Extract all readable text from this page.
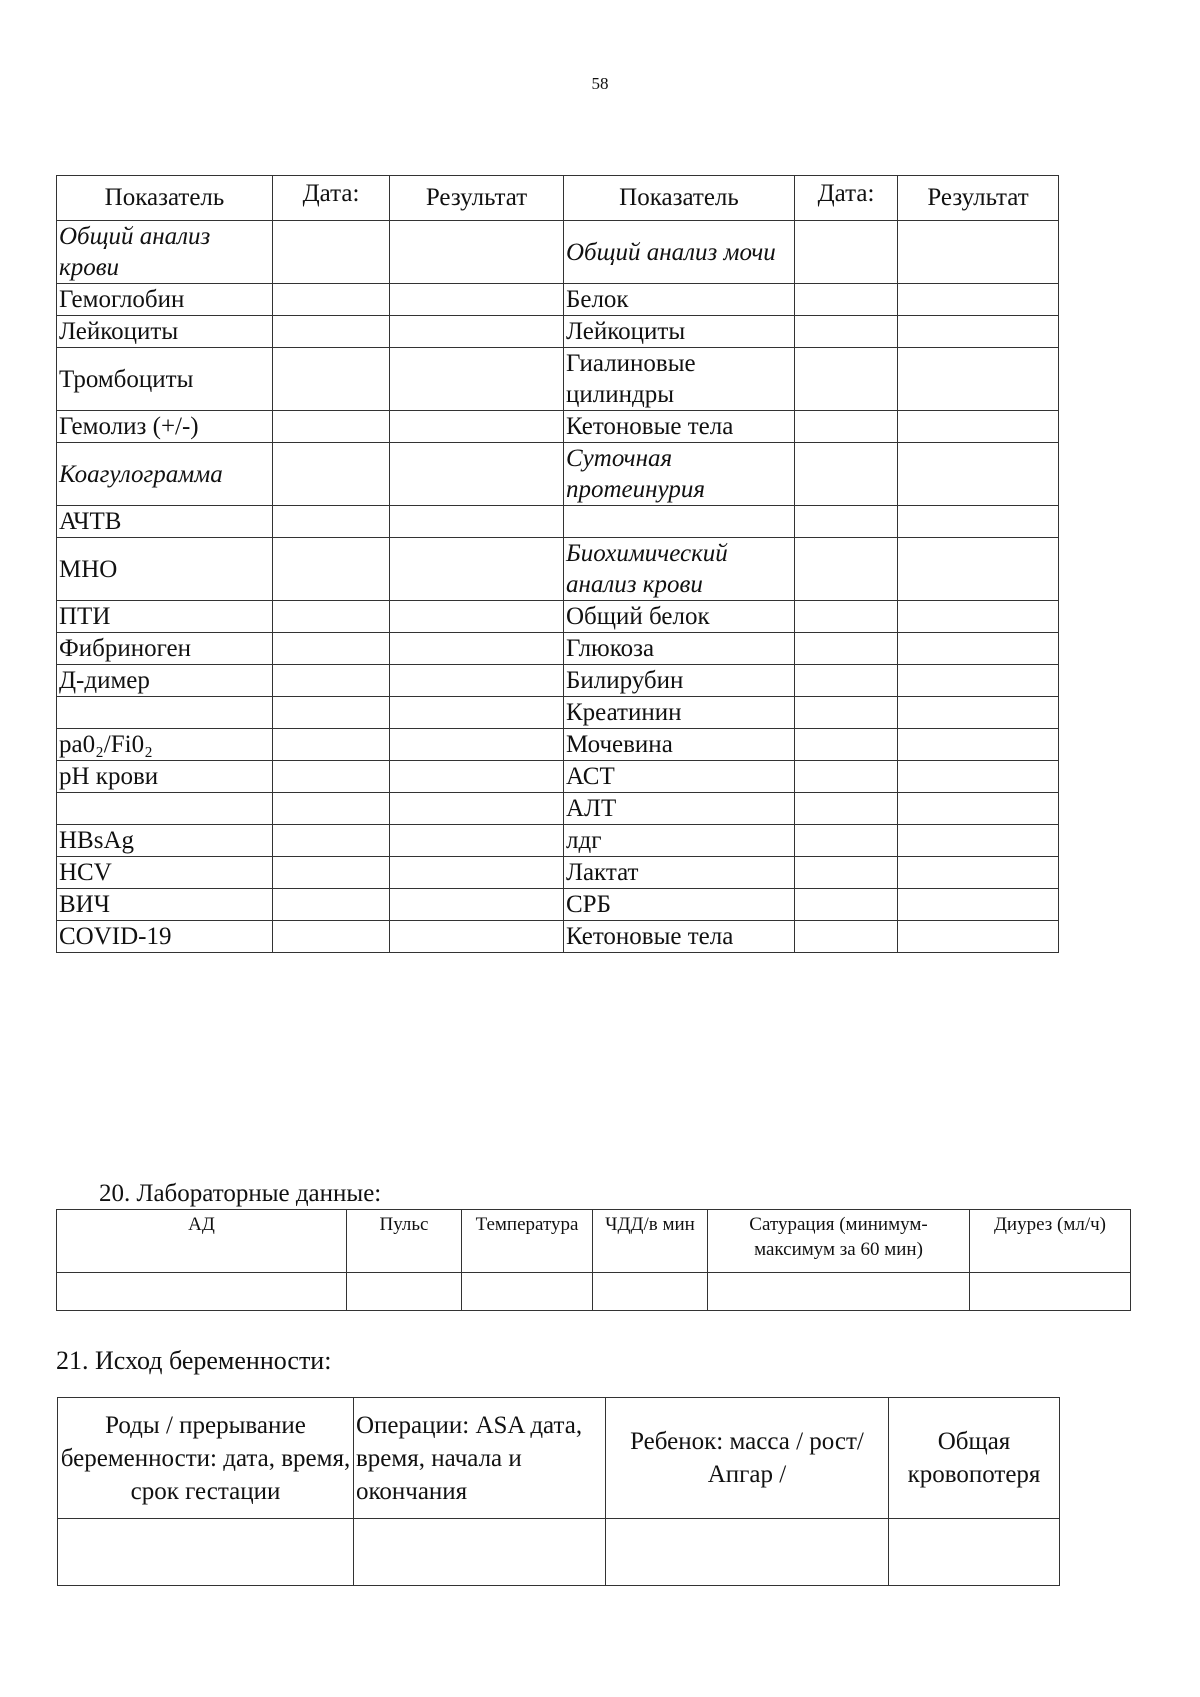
58
Показатель	Дата:	Результат	Показатель	Дата:	Результат
Общий анализ крови			Общий анализ мочи		
Гемоглобин			Белок		
Лейкоциты			Лейкоциты		
Тромбоциты			Гиалиновые цилиндры		
Гемолиз (+/-)			Кетоновые тела		
Коагулограмма			Суточная протеинурия		
АЧТВ					
МНО			Биохимический анализ крови		
ПТИ			Общий белок		
Фибриноген			Глюкоза		
Д-димер			Билирубин		
			Креатинин		
pa0₂/Fi0₂			Мочевина		
pH крови			АСТ		
			АЛТ		
HBsAg			лдг		
HCV			Лактат		
ВИЧ			СРБ		
COVID-19			Кетоновые тела		
20. Лабораторные данные:
АД	Пульс	Температура	ЧДД/в мин	Сатурация (минимум-максимум за 60 мин)	Диурез (мл/ч)

21. Исход беременности:
Роды / прерывание беременности: дата, время, срок гестации	Операции: ASA дата, время, начала и окончания	Ребенок: масса / рост/ Апгар /	Общая кровопотеря
